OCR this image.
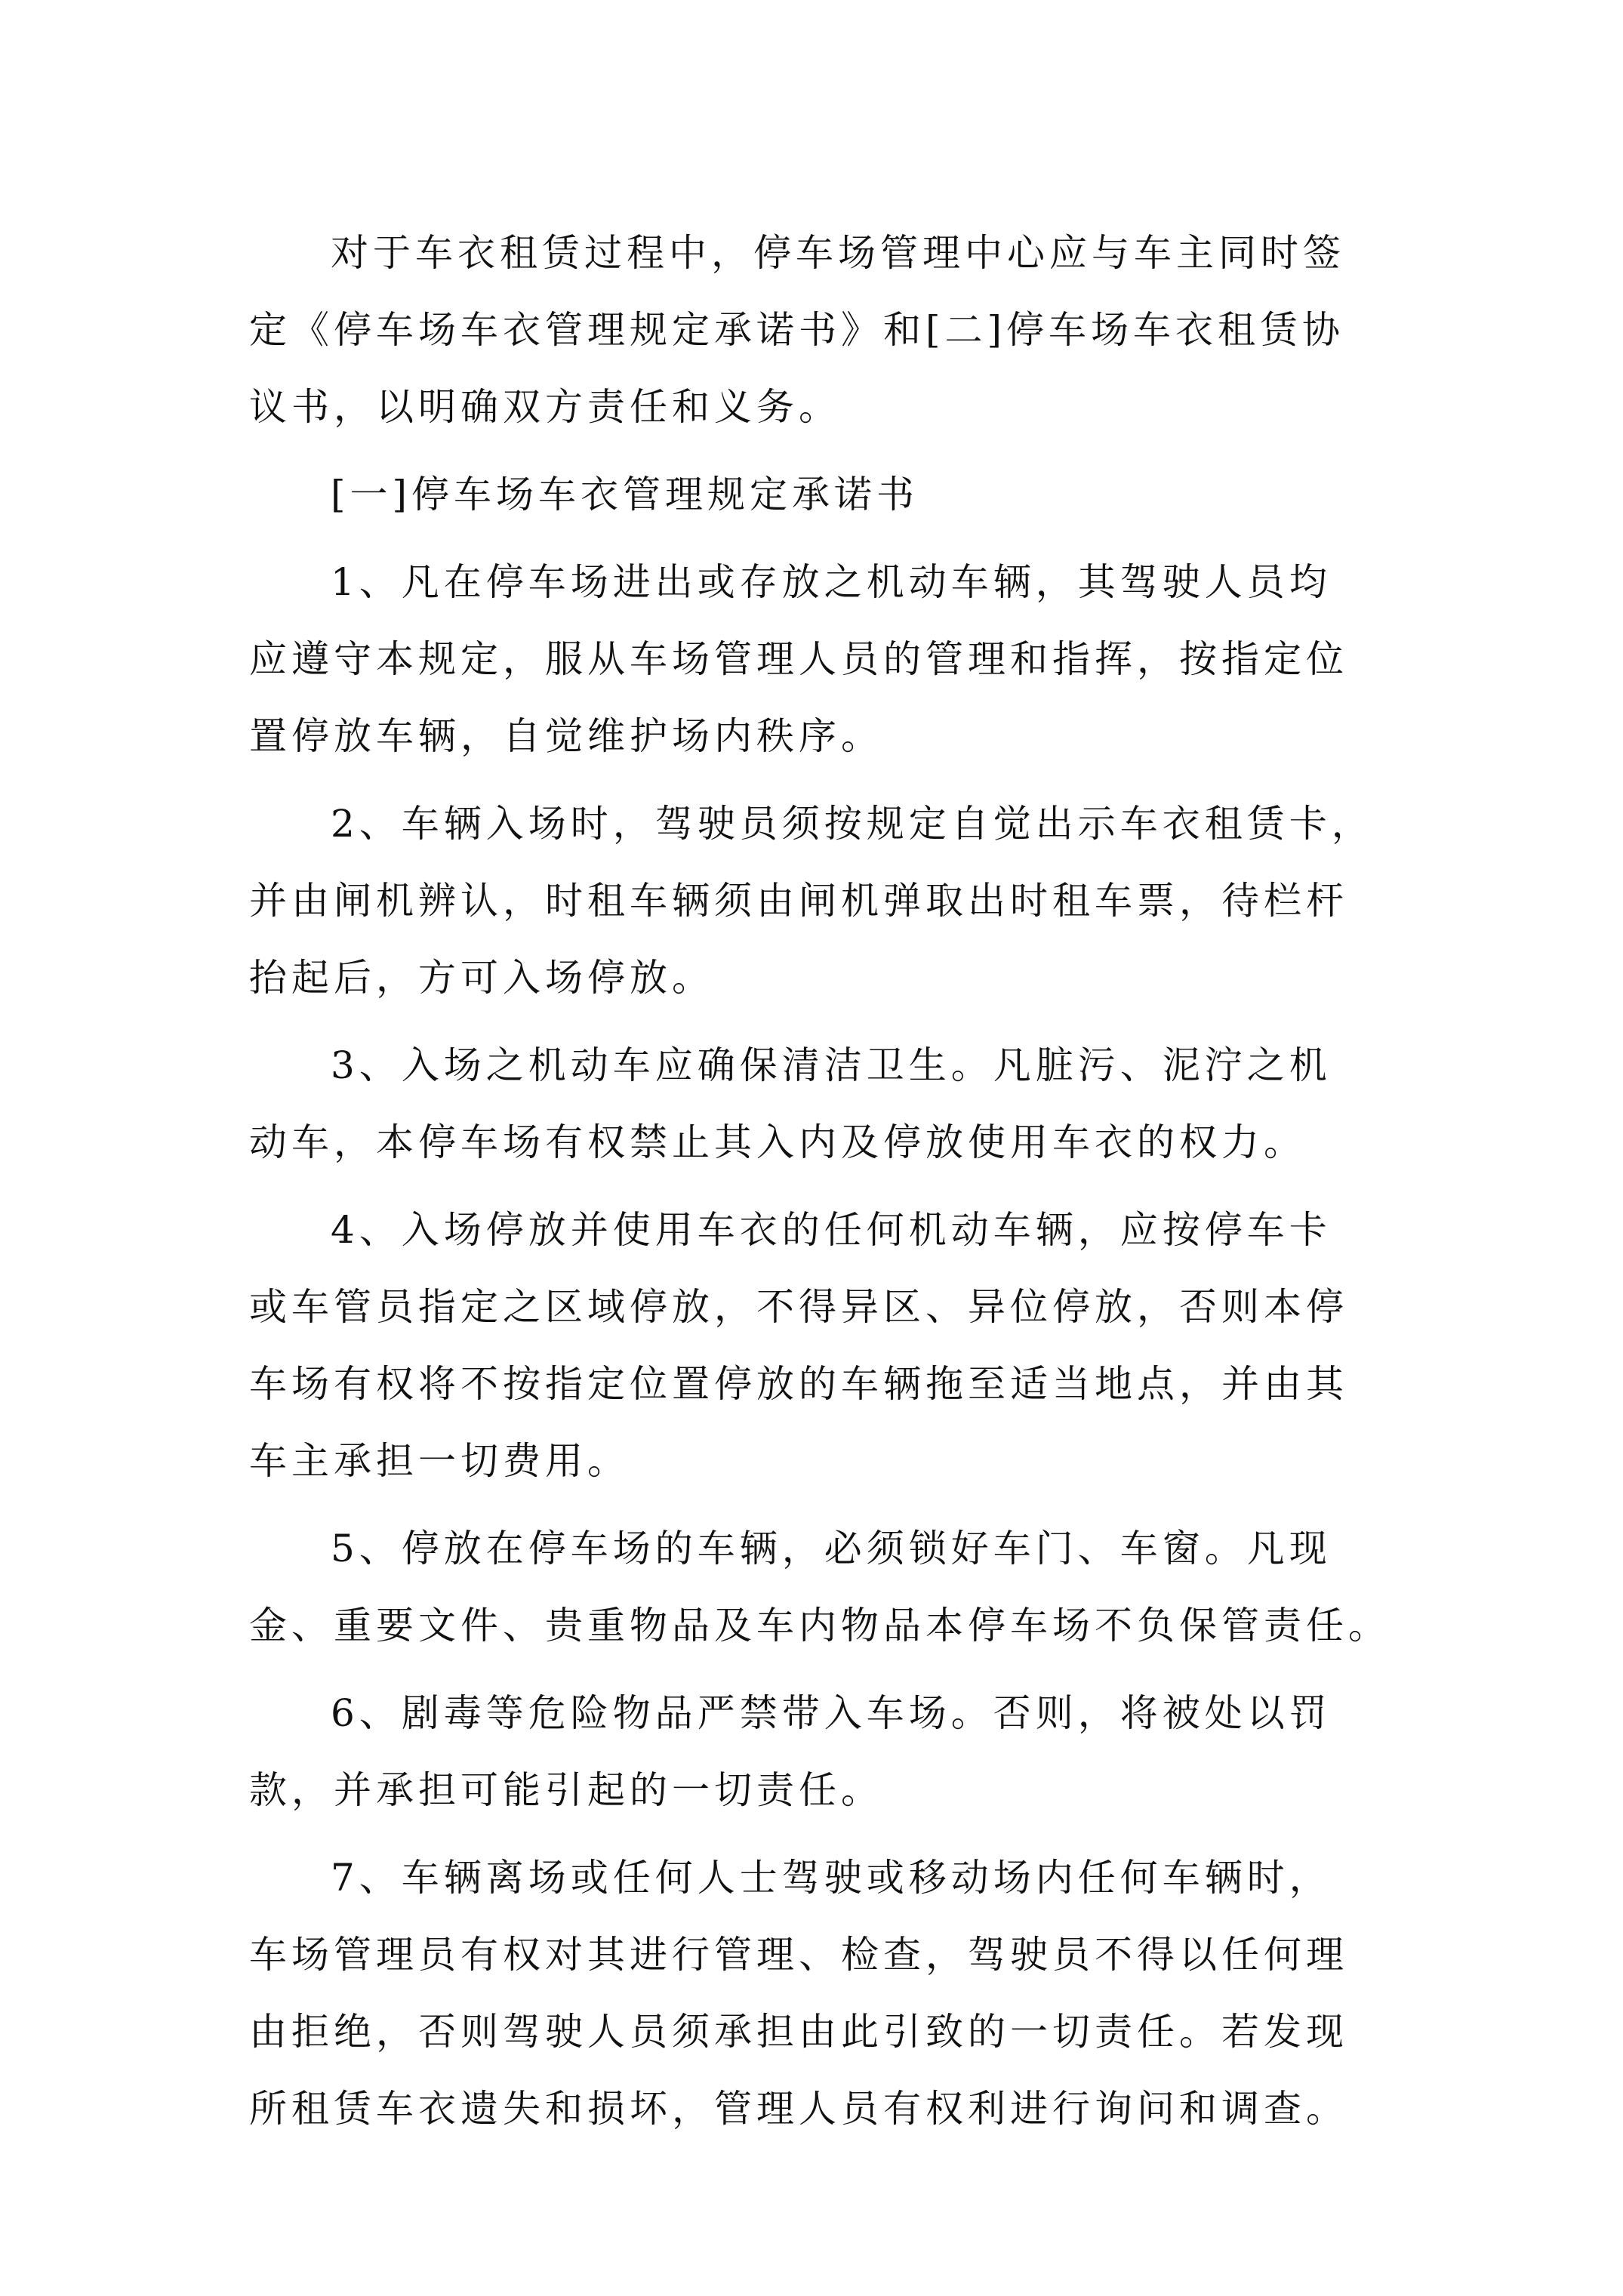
对于车衣租赁过程中，停车场管理中心应与车主同时签
定《停车场车衣管理规定承诺书》和[二]停车场车衣租赁协
议书，以明确双方责任和义务。
[一]停车场车衣管理规定承诺书
1、凡在停车场进出或存放之机动车辆，其驾驶人员均
应遵守本规定，服从车场管理人员的管理和指挥，按指定位
置停放车辆，自觉维护场内秩序。
2、车辆入场时，驾驶员须按规定自觉出示车衣租赁卡，
并由闸机辨认，时租车辆须由闸机弹取出时租车票，待栏杆
抬起后，方可入场停放。
3、入场之机动车应确保清洁卫生。凡脏污、泥泞之机
动车，本停车场有权禁止其入内及停放使用车衣的权力。
4、入场停放并使用车衣的任何机动车辆，应按停车卡
或车管员指定之区域停放，不得异区、异位停放，否则本停
车场有权将不按指定位置停放的车辆拖至适当地点，并由其
车主承担一切费用。
5、停放在停车场的车辆，必须锁好车门、车窗。凡现
金、重要文件、贵重物品及车内物品本停车场不负保管责任。
6、剧毒等危险物品严禁带入车场。否则，将被处以罚
款，并承担可能引起的一切责任。
7、车辆离场或任何人士驾驶或移动场内任何车辆时，
车场管理员有权对其进行管理、检查，驾驶员不得以任何理
由拒绝，否则驾驶人员须承担由此引致的一切责任。若发现
所租赁车衣遗失和损坏，管理人员有权利进行询问和调查。
